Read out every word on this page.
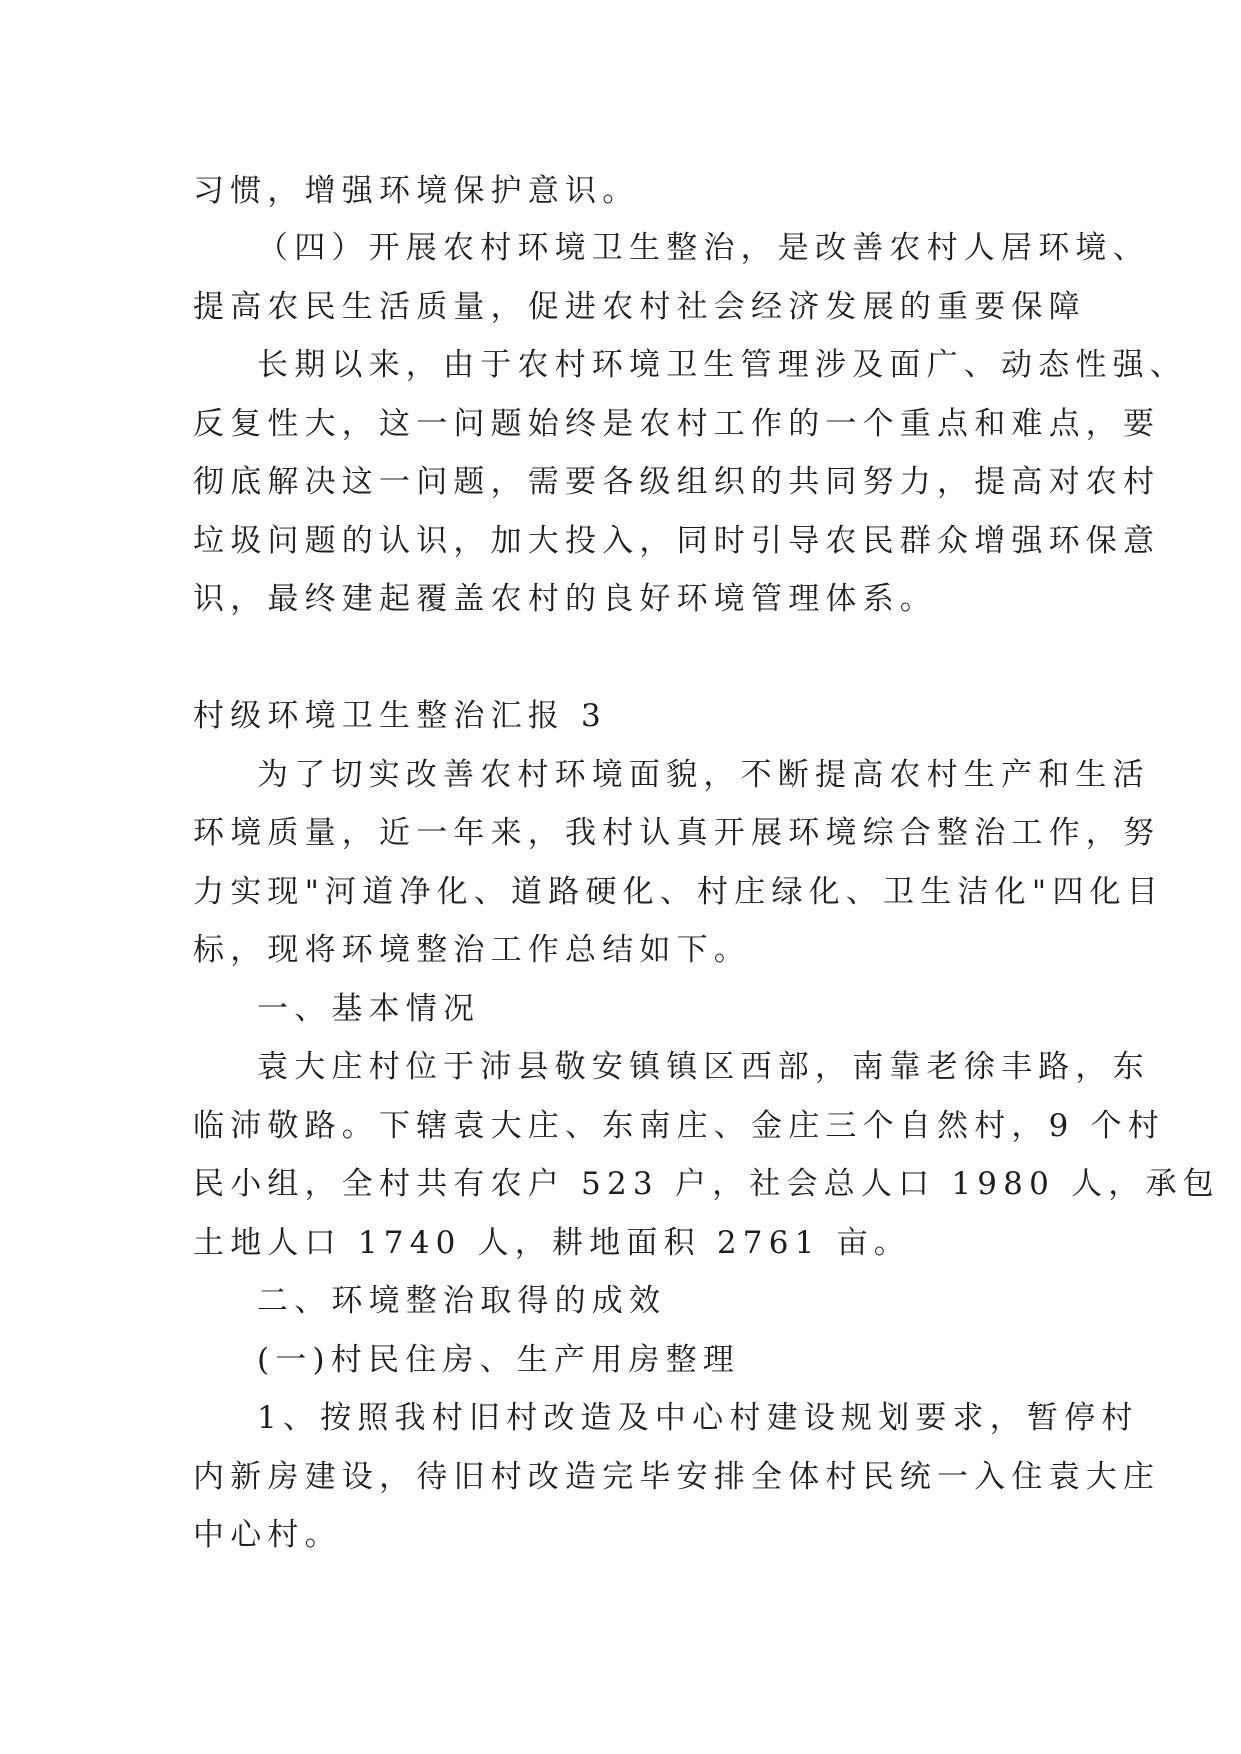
习惯，增强环境保护意识。
（四）开展农村环境卫生整治，是改善农村人居环境、
提高农民生活质量，促进农村社会经济发展的重要保障
长期以来，由于农村环境卫生管理涉及面广、动态性强、
反复性大，这一问题始终是农村工作的一个重点和难点，要
彻底解决这一问题，需要各级组织的共同努力，提高对农村
垃圾问题的认识，加大投入，同时引导农民群众增强环保意
识，最终建起覆盖农村的良好环境管理体系。
村级环境卫生整治汇报 3
为了切实改善农村环境面貌，不断提高农村生产和生活
环境质量，近一年来，我村认真开展环境综合整治工作，努
力实现"河道净化、道路硬化、村庄绿化、卫生洁化"四化目
标，现将环境整治工作总结如下。
一、基本情况
袁大庄村位于沛县敬安镇镇区西部，南靠老徐丰路，东
临沛敬路。下辖袁大庄、东南庄、金庄三个自然村，9 个村
民小组，全村共有农户 523 户，社会总人口 1980 人，承包
土地人口 1740 人，耕地面积 2761 亩。
二、环境整治取得的成效
(一)村民住房、生产用房整理
1、按照我村旧村改造及中心村建设规划要求，暂停村
内新房建设，待旧村改造完毕安排全体村民统一入住袁大庄
中心村。
